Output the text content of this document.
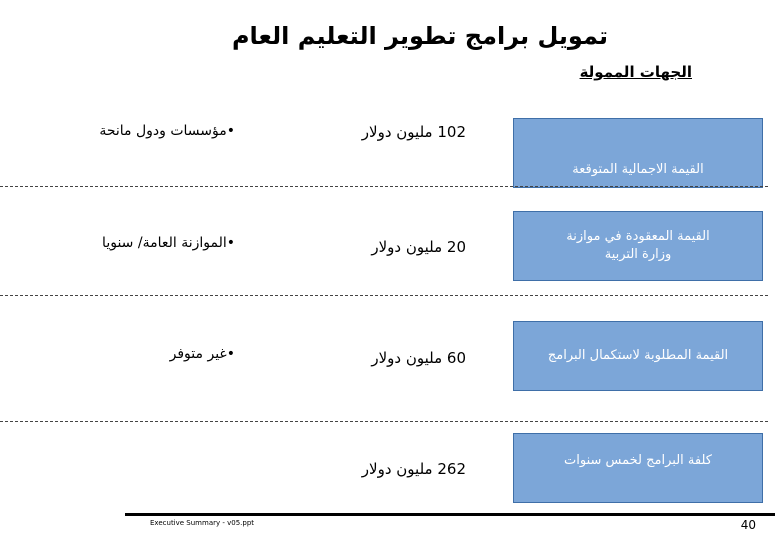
تمويل برامج تطوير التعليم العام
الجهات الممولة
القيمة الاجمالية المتوقعة
102 مليون دولار
•مؤسسات ودول مانحة
القيمة المعقودة في موازنة
وزارة التربية
20 مليون دولار
•الموازنة العامة/ سنويا
القيمة المطلوبة لاستكمال البرامج
60 مليون دولار
•غير متوفر
كلفة البرامج لخمس سنوات
262 مليون دولار
Executive Summary - v05.ppt	40
